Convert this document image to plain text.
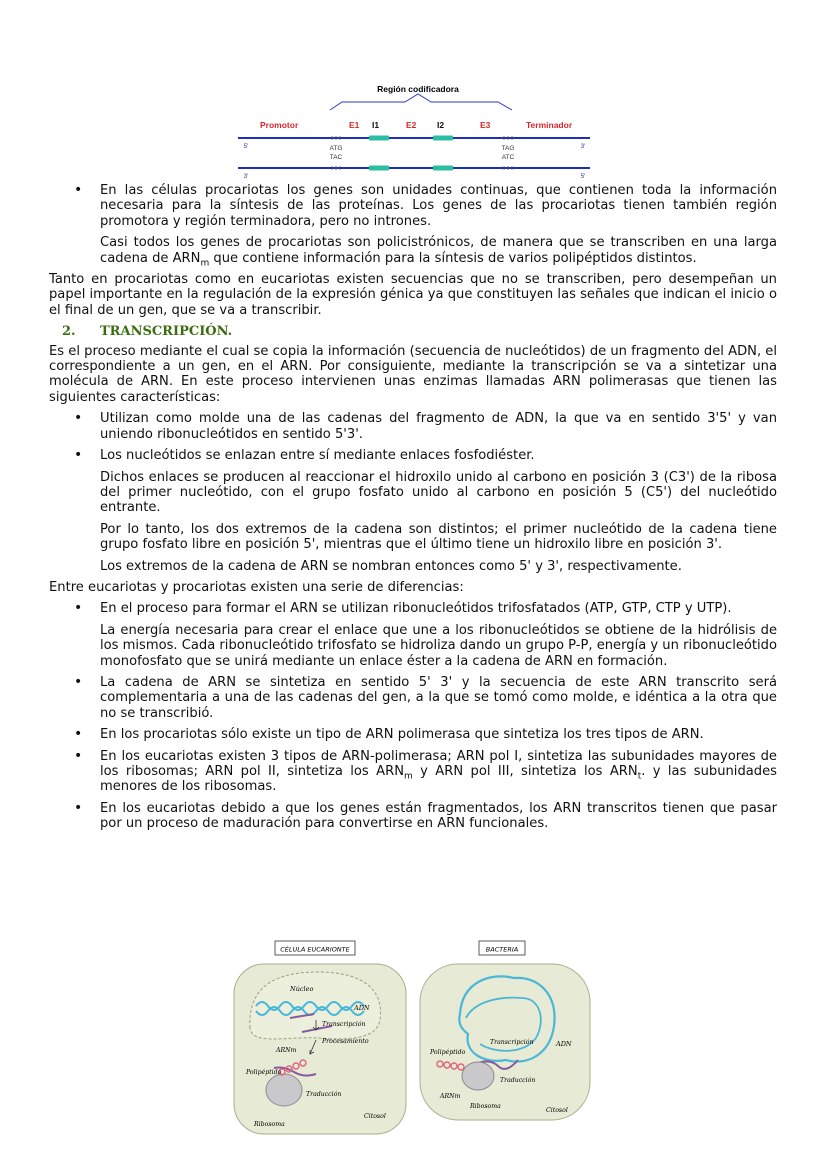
Región codificadora
Promotor	E1 I1	E2 I2	E3	Terminador
ATG
TAC
TAG
ATC
5'	3'
3'	5'
• En las células procariotas los genes son unidades continuas, que contienen toda la información necesaria para la síntesis de las proteínas. Los genes de las procariotas tienen también región promotora y región terminadora, pero no intrones.

Casi todos los genes de procariotas son policistrónicos, de manera que se transcriben en una larga cadena de $ARN_m$ que contiene información para la síntesis de varios polipéptidos distintos.

Tanto en procariotas como en eucariotas existen secuencias que no se transcriben, pero desempeñan un papel importante en la regulación de la expresión génica ya que constituyen las señales que indican el inicio o el final de un gen, que se va a transcribir.

2. TRANSCRIPCIÓN.

Es el proceso mediante el cual se copia la información (secuencia de nucleótidos) de un fragmento del ADN, el correspondiente a un gen, en el ARN. Por consiguiente, mediante la transcripción se va a sintetizar una molécula de ARN. En este proceso intervienen unas enzimas llamadas ARN polimerasas que tienen las siguientes características:

• Utilizan como molde una de las cadenas del fragmento de ADN, la que va en sentido 3'5' y van uniendo ribonucleótidos en sentido 5'3'.
• Los nucleótidos se enlazan entre sí mediante enlaces fosfodiéster.

Dichos enlaces se producen al reaccionar el hidroxilo unido al carbono en posición 3 (C3') de la ribosa del primer nucleótido, con el grupo fosfato unido al carbono en posición 5 (C5') del nucleótido entrante.

Por lo tanto, los dos extremos de la cadena son distintos; el primer nucleótido de la cadena tiene grupo fosfato libre en posición 5', mientras que el último tiene un hidroxilo libre en posición 3'.

Los extremos de la cadena de ARN se nombran entonces como 5' y 3', respectivamente.

Entre eucariotas y procariotas existen una serie de diferencias:

• En el proceso para formar el ARN se utilizan ribonucleótidos trifosfatados (ATP, GTP, CTP y UTP).

La energía necesaria para crear el enlace que une a los ribonucleótidos se obtiene de la hidrólisis de los mismos. Cada ribonucleótido trifosfato se hidroliza dando un grupo P-P, energía y un ribonucleótido monofosfato que se unirá mediante un enlace éster a la cadena de ARN en formación.

• La cadena de ARN se sintetiza en sentido 5' 3' y la secuencia de este ARN transcrito será complementaria a una de las cadenas del gen, a la que se tomó como molde, e idéntica a la otra que no se transcribió.
• En los procariotas sólo existe un tipo de ARN polimerasa que sintetiza los tres tipos de ARN.
• En los eucariotas existen 3 tipos de ARN-polimerasa; ARN pol I, sintetiza las subunidades mayores de los ribosomas; ARN pol II, sintetiza los $ARN_m$ y ARN pol III, sintetiza los $ARN_t$. y las subunidades menores de los ribosomas.
• En los eucariotas debido a que los genes están fragmentados, los ARN transcritos tienen que pasar por un proceso de maduración para convertirse en ARN funcionales.
CÉLULA EUCARIONTE	BACTERIA
Núcleo
ADN
Transcripción
Procesamiento
ARNm
Polipéptido
Traducción
Ribosoma
Citosol
Transcripción	ADN
Polipéptido
Traducción
ARNm
Ribosoma
Citosol
